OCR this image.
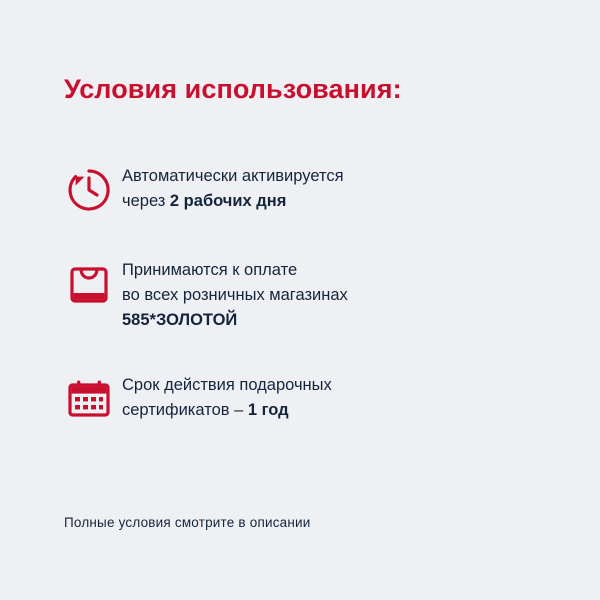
Условия использования:
Автоматически активируется
через 2 рабочих дня
Принимаются к оплате
во всех розничных магазинах
585*ЗОЛОТОЙ
Срок действия подарочных
сертификатов – 1 год
Полные условия смотрите в описании
